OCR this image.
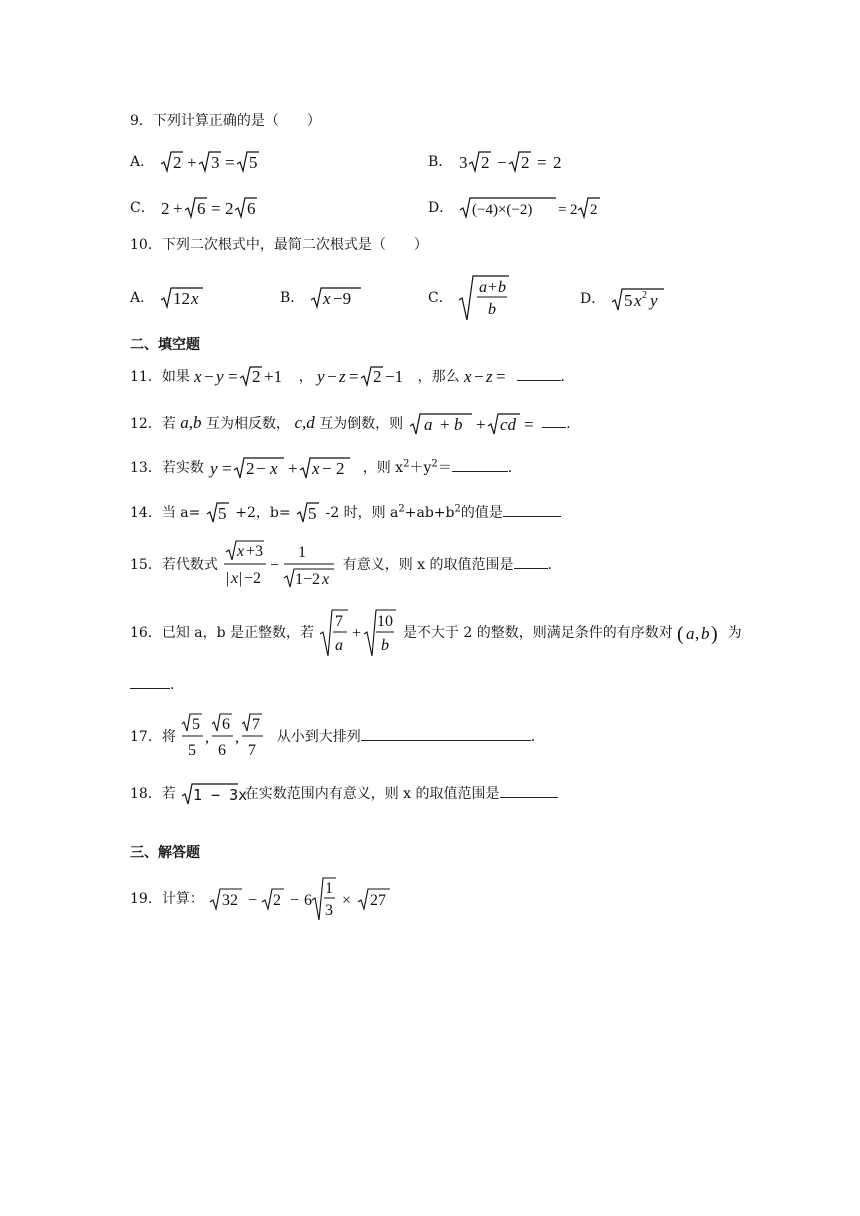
9．下列计算正确的是（　　）
A． 2 + 3 = 5	B． 3 2 − 2 = 2
C． 2 + 6 = 2 6	D． (−4)×(−2) = 2 2
10．下列二次根式中，最简二次根式是（　　）
A． 12 x	B． x −9	C．
a + b
b
D． 5 x 2 y
二、填空题
11．如果 x − y = 2 +1 ， y − z = 2 −1 ，那么 x − z =	.
12．若 a,b 互为相反数， c,d 互为倒数，则 a + b + cd = .
13．若实数 y = 2 − x + x − 2 ，则 $x^2+y^2=$	.
14．当 a= 5 +2，b= 5 -2 时，则 $a^2+ab+b^2$的值是
15．若代数式
x +3
| x | −2
−
1
1−2 x
有意义，则 x 的取值范围是 .
16．已知 a，b 是正整数，若
7
a
+
10
b
是不大于 2 的整数，则满足条件的有序数对 ( a , b ) 为
.
17．将
5
5
,
6
6
,
7
7
从小到大排列	.
18．若 1 − 3x
在实数范围内有意义，则 x 的取值范围是
三、解答题
19．计算： 32 − 2 − 6
1
3
× 27
